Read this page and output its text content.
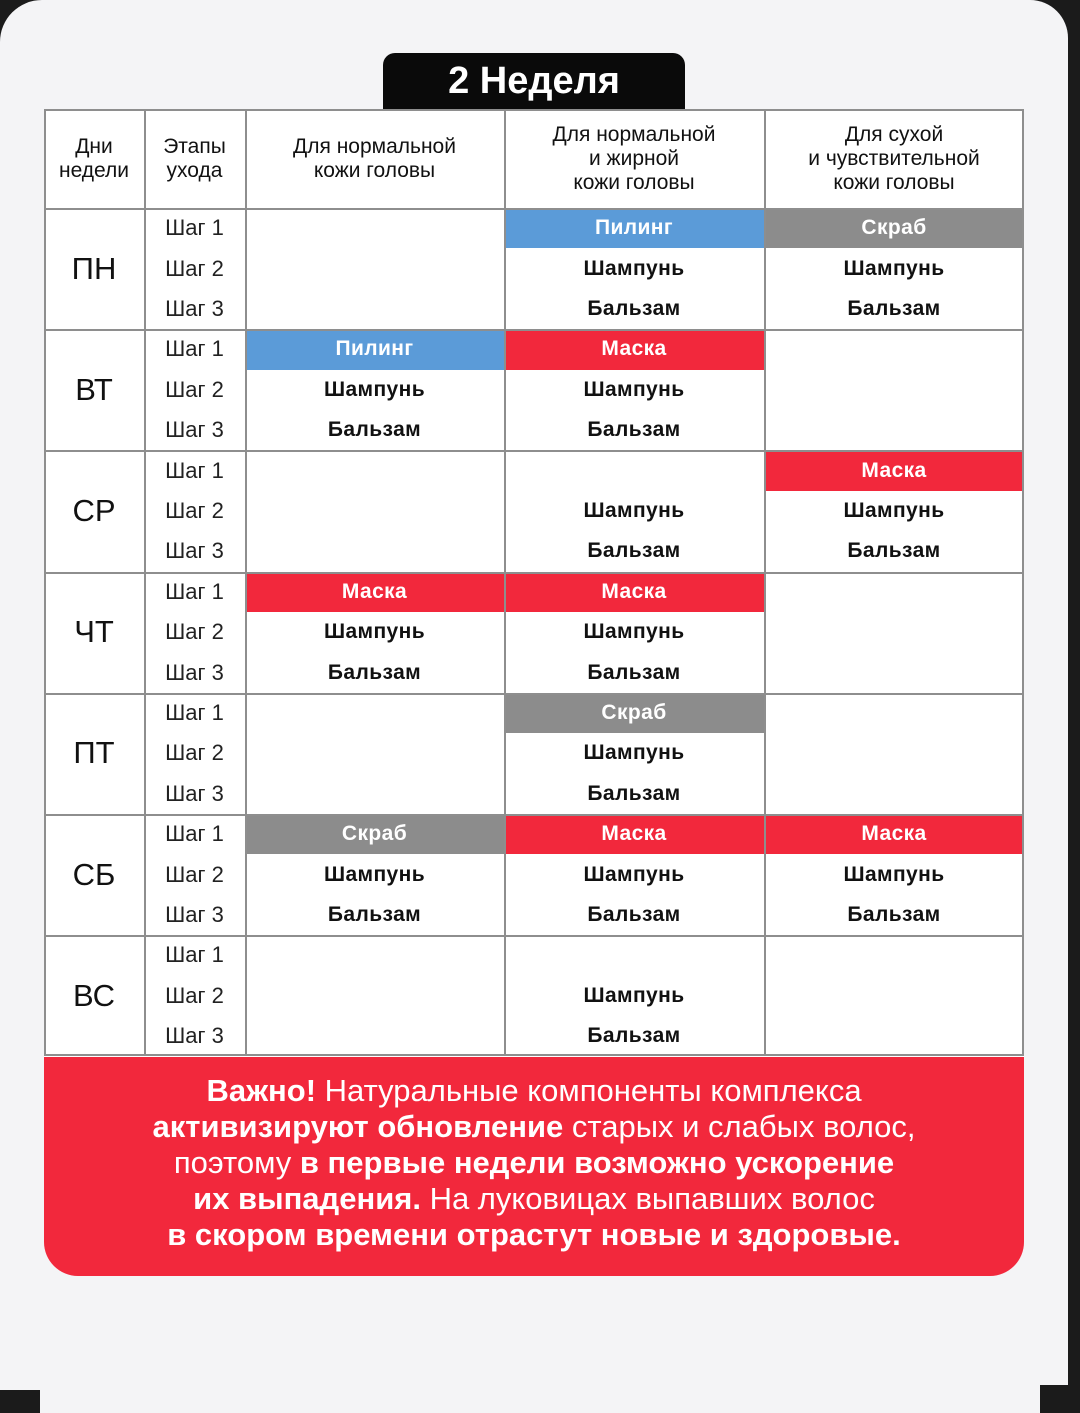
2 Неделя
Дни
недели
Этапы
ухода
Для нормальной
кожи головы
Для нормальной
и жирной
кожи головы
Для сухой
и чувствительной
кожи головы
ПН
Шаг 1
Шаг 2
Шаг 3
Пилинг
Шампунь
Бальзам
Скраб
Шампунь
Бальзам
ВТ
Шаг 1
Шаг 2
Шаг 3
Пилинг
Шампунь
Бальзам
Маска
Шампунь
Бальзам
СР
Шаг 1
Шаг 2
Шаг 3
Шампунь
Бальзам
Маска
Шампунь
Бальзам
ЧТ
Шаг 1
Шаг 2
Шаг 3
Маска
Шампунь
Бальзам
Маска
Шампунь
Бальзам
ПТ
Шаг 1
Шаг 2
Шаг 3
Скраб
Шампунь
Бальзам
СБ
Шаг 1
Шаг 2
Шаг 3
Скраб
Шампунь
Бальзам
Маска
Шампунь
Бальзам
Маска
Шампунь
Бальзам
ВС
Шаг 1
Шаг 2
Шаг 3
Шампунь
Бальзам
Важно! Натуральные компоненты комплекса
активизируют обновление старых и слабых волос,
поэтому в первые недели возможно ускорение
их выпадения. На луковицах выпавших волос
в скором времени отрастут новые и здоровые.
